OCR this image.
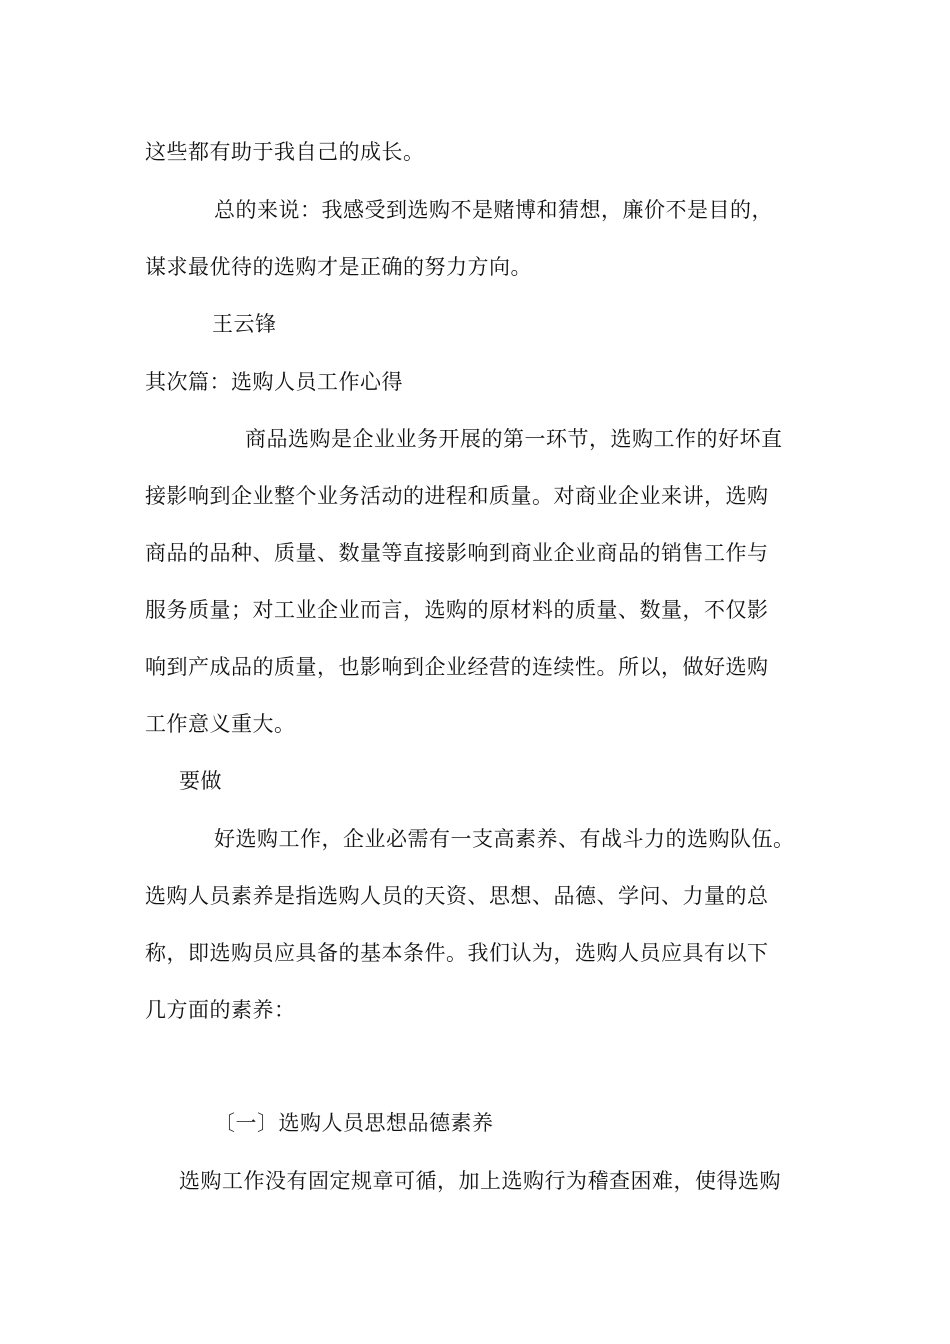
这些都有助于我自己的成长。
总的来说：我感受到选购不是赌博和猜想，廉价不是目的，
谋求最优待的选购才是正确的努力方向。
王云锋
其次篇：选购人员工作心得
商品选购是企业业务开展的第一环节，选购工作的好坏直
接影响到企业整个业务活动的进程和质量。对商业企业来讲，选购
商品的品种、质量、数量等直接影响到商业企业商品的销售工作与
服务质量；对工业企业而言，选购的原材料的质量、数量，不仅影
响到产成品的质量，也影响到企业经营的连续性。所以，做好选购
工作意义重大。
要做
好选购工作，企业必需有一支高素养、有战斗力的选购队伍。
选购人员素养是指选购人员的天资、思想、品德、学问、力量的总
称，即选购员应具备的基本条件。我们认为，选购人员应具有以下
几方面的素养：
〔一〕选购人员思想品德素养
选购工作没有固定规章可循，加上选购行为稽查困难，使得选购
